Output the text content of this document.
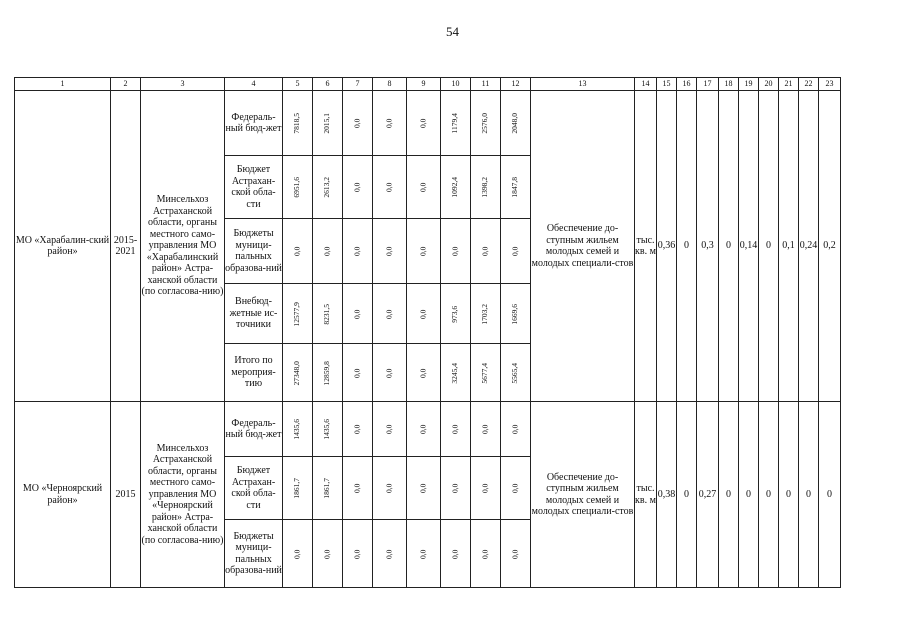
54
1	2	3	4	5	6	7	8	9	10	11	12	13	14	15	16	17	18	19	20	21	22	23
МО «Харабалин-ский район»	2015-2021	Минсельхоз Астраханской области, органы местного само-управления МО «Харабалинский район» Астра-ханской области (по согласова-нию)	Федераль-ный бюд-жет	7818,5	2015,1	0,0	0,0	0,0	1179,4	2576,0	2048,0	Обеспечение до-ступным жильем молодых семей и молодых специали-стов	тыс. кв. м	0,36	0	0,3	0	0,14	0	0,1	0,24	0,2
			Бюджет Астрахан-ской обла-сти	6951,6	2613,2	0,0	0,0	0,0	1092,4	1398,2	1847,8											
			Бюджеты муници-пальных образова-ний	0,0	0,0	0,0	0,0	0,0	0,0	0,0	0,0											
			Внебюд-жетные ис-точники	12577,9	8231,5	0,0	0,0	0,0	973,6	1703,2	1669,6											
			Итого по мероприя-тию	27348,0	12859,8	0,0	0,0	0,0	3245,4	5677,4	5565,4											
МО «Черноярский район»	2015	Минсельхоз Астраханской области, органы местного само-управления МО «Черноярский район» Астра-ханской области (по согласова-нию)	Федераль-ный бюд-жет	1435,6	1435,6	0,0	0,0	0,0	0,0	0,0	0,0	Обеспечение до-ступным жильем молодых семей и молодых специали-стов	тыс. кв. м	0,38	0	0,27	0	0	0	0	0	0
			Бюджет Астрахан-ской обла-сти	1861,7	1861,7	0,0	0,0	0,0	0,0	0,0	0,0											
			Бюджеты муници-пальных образова-ний	0,0	0,0	0,0	0,0	0,0	0,0	0,0	0,0											
